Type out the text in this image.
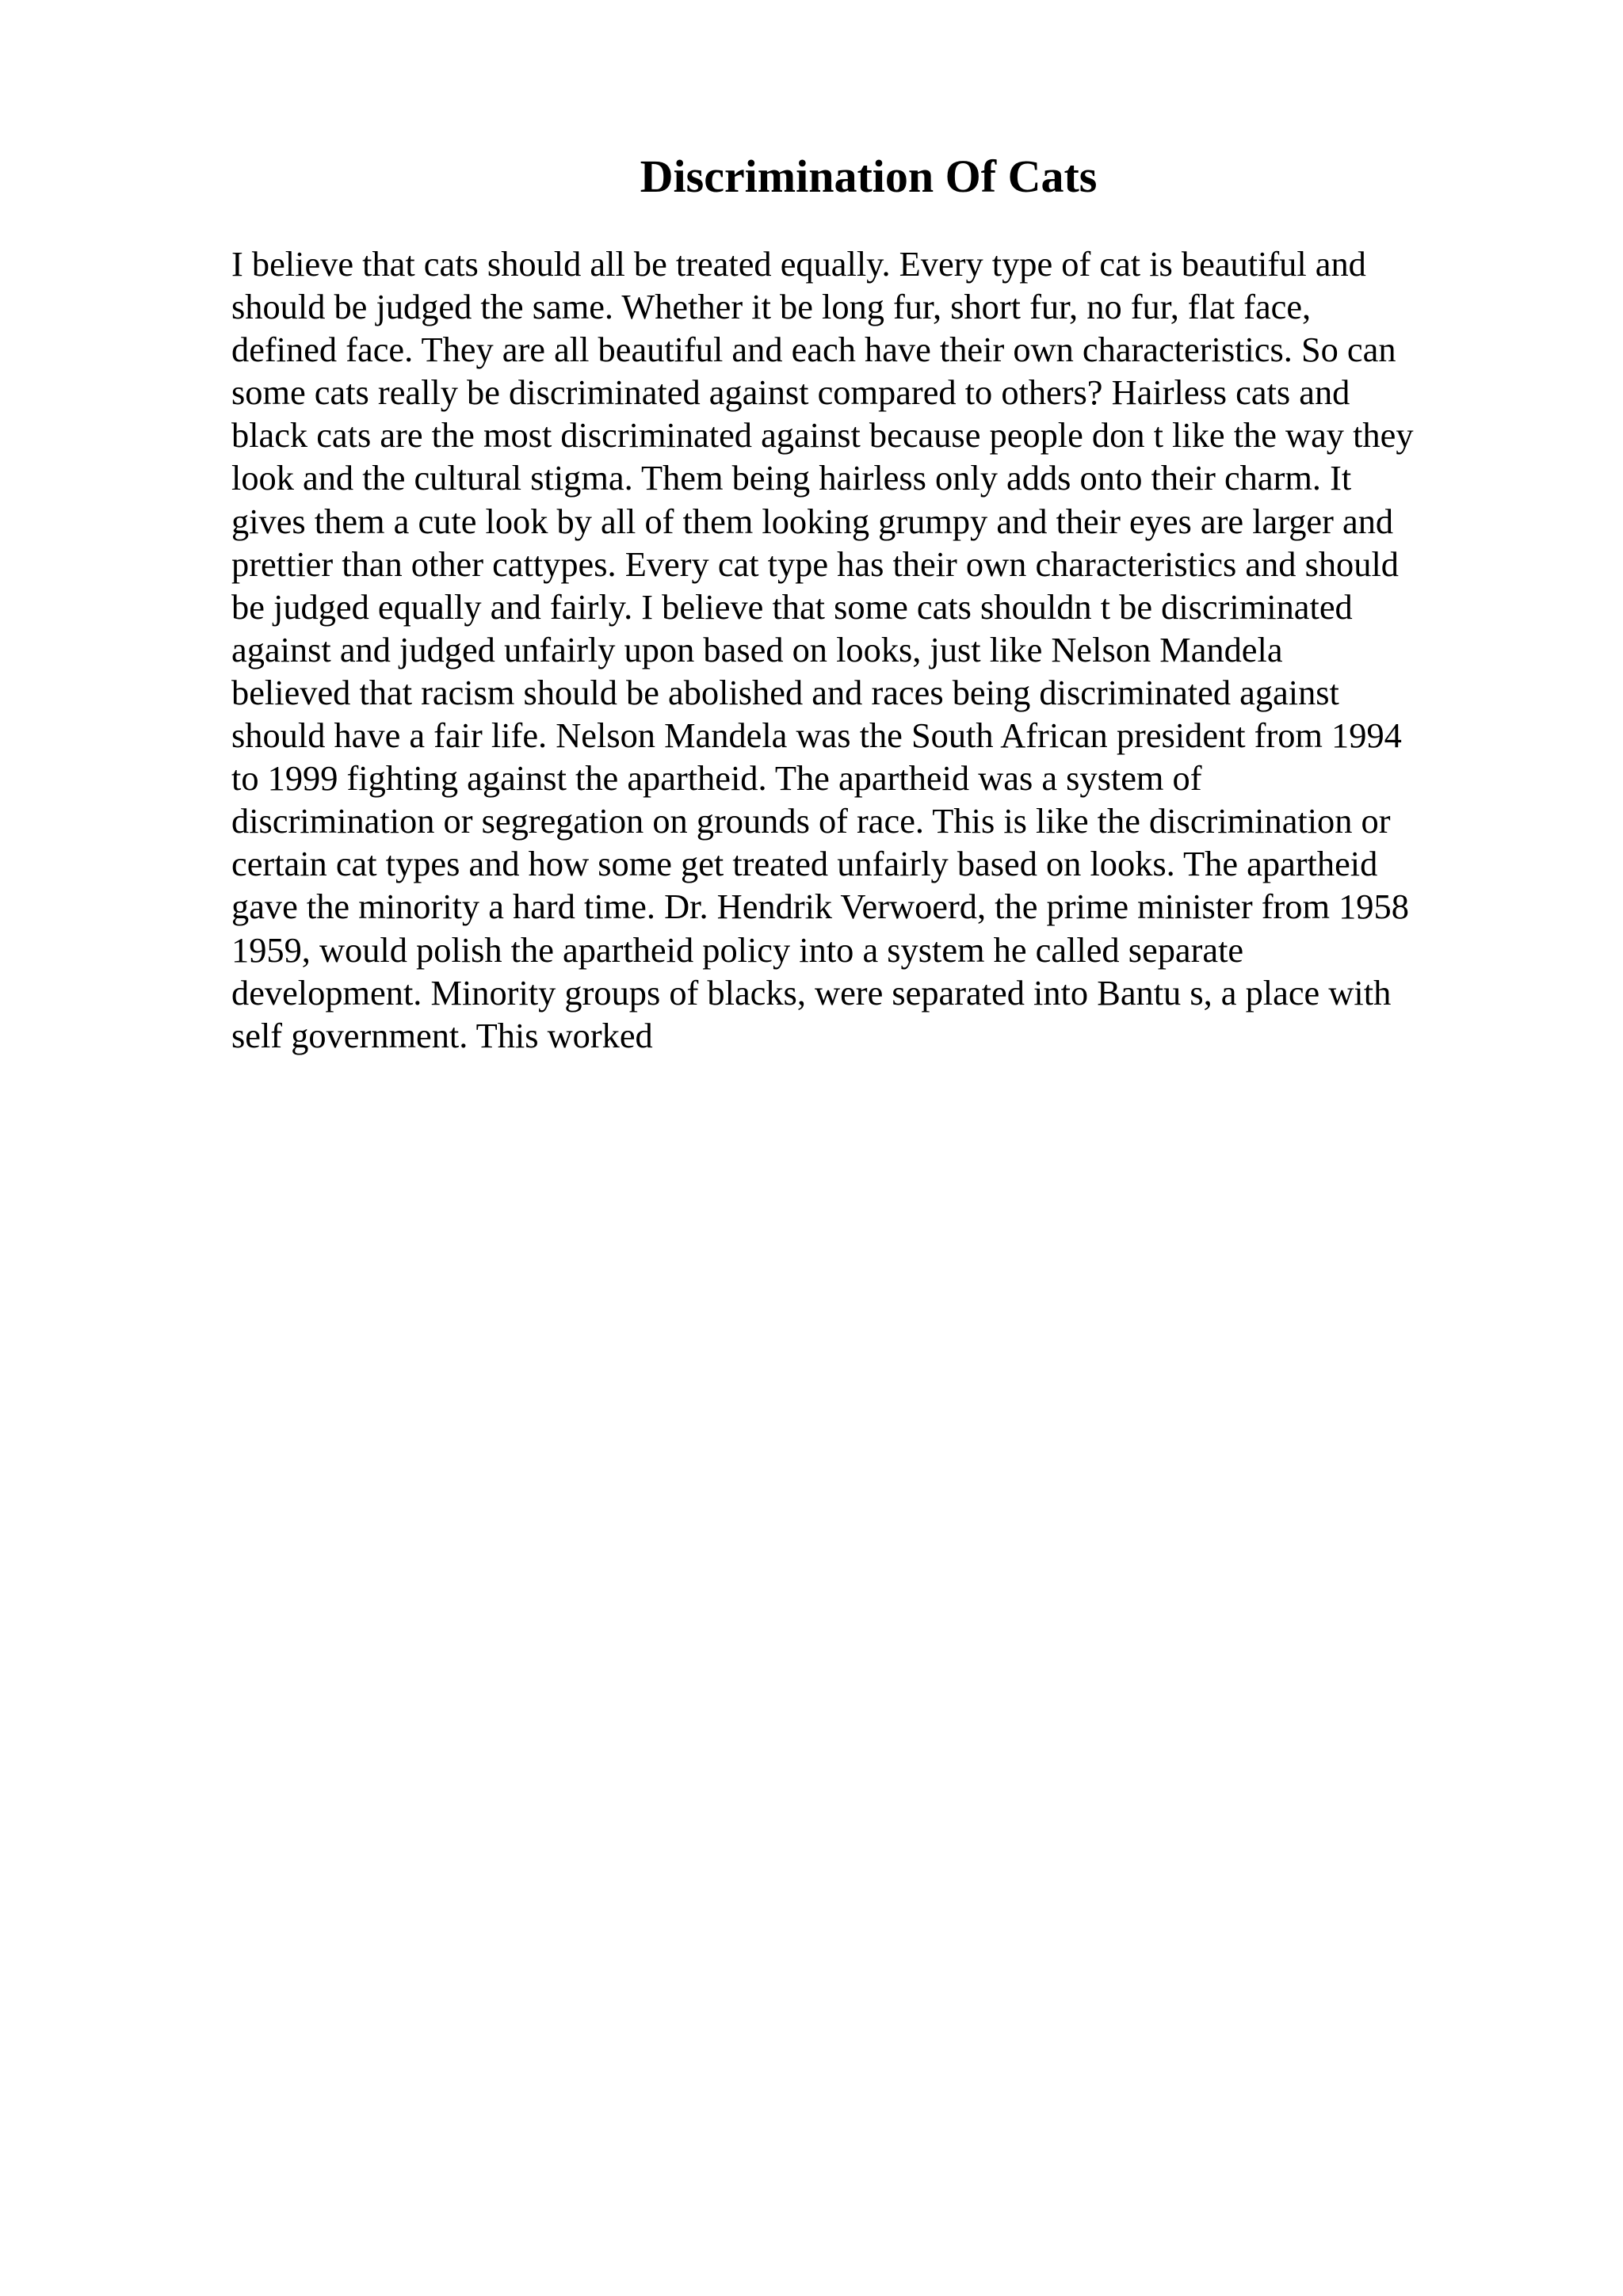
Discrimination Of Cats
I believe that cats should all be treated equally. Every type of cat is beautiful and
should be judged the same. Whether it be long fur, short fur, no fur, flat face,
defined face. They are all beautiful and each have their own characteristics. So can
some cats really be discriminated against compared to others? Hairless cats and
black cats are the most discriminated against because people don t like the way they
look and the cultural stigma. Them being hairless only adds onto their charm. It
gives them a cute look by all of them looking grumpy and their eyes are larger and
prettier than other cattypes. Every cat type has their own characteristics and should
be judged equally and fairly. I believe that some cats shouldn t be discriminated
against and judged unfairly upon based on looks, just like Nelson Mandela
believed that racism should be abolished and races being discriminated against
should have a fair life. Nelson Mandela was the South African president from 1994
to 1999 fighting against the apartheid. The apartheid was a system of
discrimination or segregation on grounds of race. This is like the discrimination or
certain cat types and how some get treated unfairly based on looks. The apartheid
gave the minority a hard time. Dr. Hendrik Verwoerd, the prime minister from 1958
1959, would polish the apartheid policy into a system he called separate
development. Minority groups of blacks, were separated into Bantu s, a place with
self government. This worked
